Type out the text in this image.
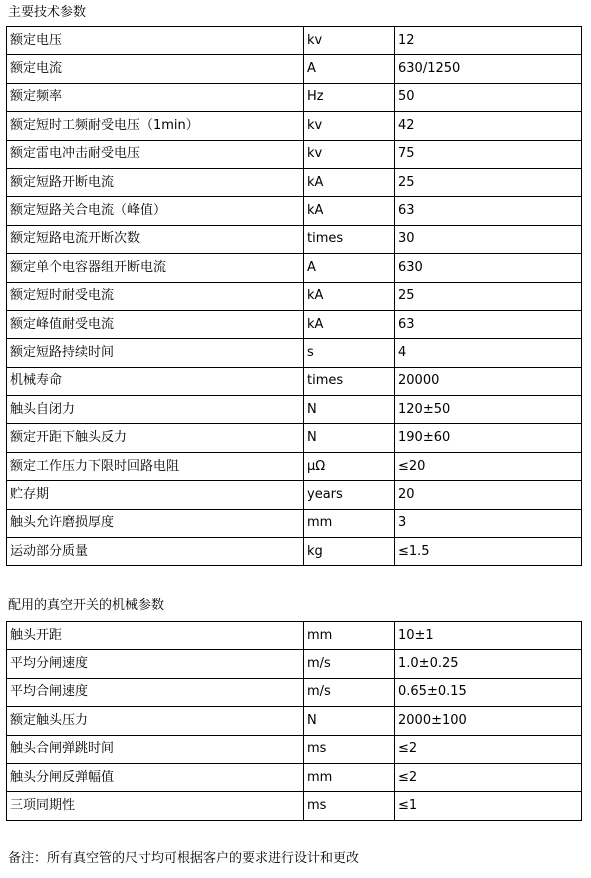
主要技术参数
额定电压	kv	12
额定电流	A	630/1250
额定频率	Hz	50
额定短时工频耐受电压（1min）	kv	42
额定雷电冲击耐受电压	kv	75
额定短路开断电流	kA	25
额定短路关合电流（峰值）	kA	63
额定短路电流开断次数	times	30
额定单个电容器组开断电流	A	630
额定短时耐受电流	kA	25
额定峰值耐受电流	kA	63
额定短路持续时间	s	4
机械寿命	times	20000
触头自闭力	N	120±50
额定开距下触头反力	N	190±60
额定工作压力下限时回路电阻	μΩ	≤20
贮存期	years	20
触头允许磨损厚度	mm	3
运动部分质量	kg	≤1.5
配用的真空开关的机械参数
触头开距	mm	10±1
平均分闸速度	m/s	1.0±0.25
平均合闸速度	m/s	0.65±0.15
额定触头压力	N	2000±100
触头合闸弹跳时间	ms	≤2
触头分闸反弹幅值	mm	≤2
三项同期性	ms	≤1
备注：所有真空管的尺寸均可根据客户的要求进行设计和更改
